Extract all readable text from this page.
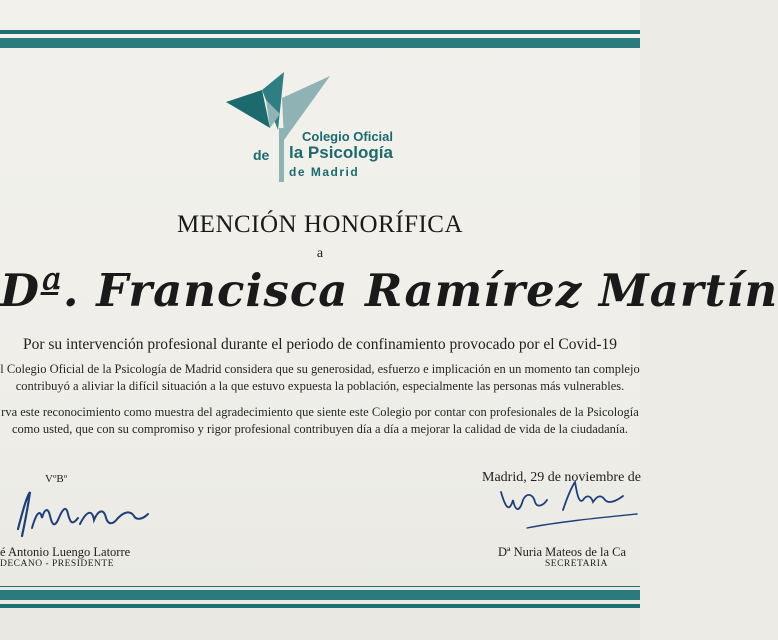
Colegio Oficial
de la Psicología
de Madrid
MENCIÓN HONORÍFICA
a
Dª. Francisca Ramírez Martín
Por su intervención profesional durante el periodo de confinamiento provocado por el Covid-19
l Colegio Oficial de la Psicología de Madrid considera que su generosidad, esfuerzo e implicación en un momento tan complejo
contribuyó a aliviar la difícil situación a la que estuvo expuesta la población, especialmente las personas más vulnerables.
rva este reconocimiento como muestra del agradecimiento que siente este Colegio por contar con profesionales de la Psicología
como usted, que con su compromiso y rigor profesional contribuyen día a día a mejorar la calidad de vida de la ciudadanía.
VºBº	Madrid, 29 de noviembre de
é Antonio Luengo Latorre
DECANO - PRESIDENTE
Dª Nuria Mateos de la Ca
SECRETARIA
